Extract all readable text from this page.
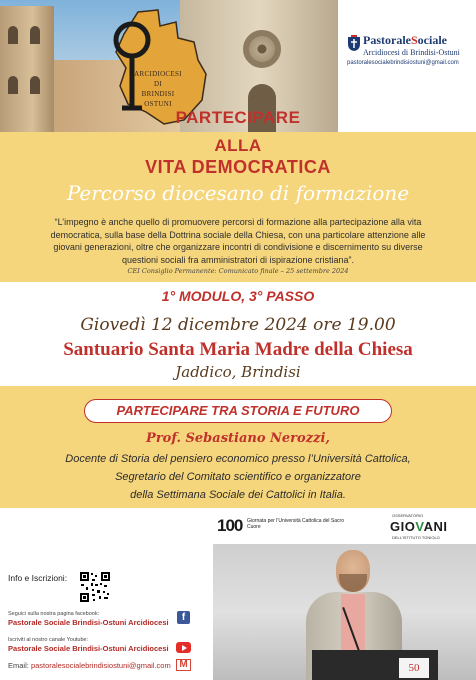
ARCIDIOCESI
DI
BRINDISI
OSTUNI
PastoraleSociale
Arcidiocesi di Brindisi-Ostuni
pastoralesocialebrindisiostuni@gmail.com
PARTECIPARE
ALLA
VITA DEMOCRATICA
Percorso diocesano di formazione
“L’impegno è anche quello di promuovere percorsi di formazione alla partecipazione alla vita democratica, sulla base della Dottrina sociale della Chiesa, con una particolare attenzione alle giovani generazioni, oltre che organizzare incontri di condivisione e discernimento su diverse questioni sociali fra amministratori di ispirazione cristiana”.
CEI Consiglio Permanente: Comunicato finale – 25 settembre 2024
1° MODULO, 3° PASSO
Giovedì 12 dicembre 2024 ore 19.00
Santuario Santa Maria Madre della Chiesa
Jaddico, Brindisi
PARTECIPARE TRA STORIA E FUTURO
Prof. Sebastiano Nerozzi,
Docente di Storia del pensiero economico presso l’Università Cattolica,
Segretario del Comitato scientifico e organizzatore
della Settimana Sociale dei Cattolici in Italia.
100 Giornata per l’Università Cattolica del Sacro Cuore
OSSERVATORIO
GIOVANI
DELL’ISTITUTO TONIOLO
50
Info e Iscrizioni:
Seguici sulla nostra pagina facebook:
Pastorale Sociale Brindisi-Ostuni Arcidiocesi	f
Iscriviti al nostro canale Youtube:
Pastorale Sociale Brindisi-Ostuni Arcidiocesi
Email: pastoralesocialebrindisiostuni@gmail.com M
